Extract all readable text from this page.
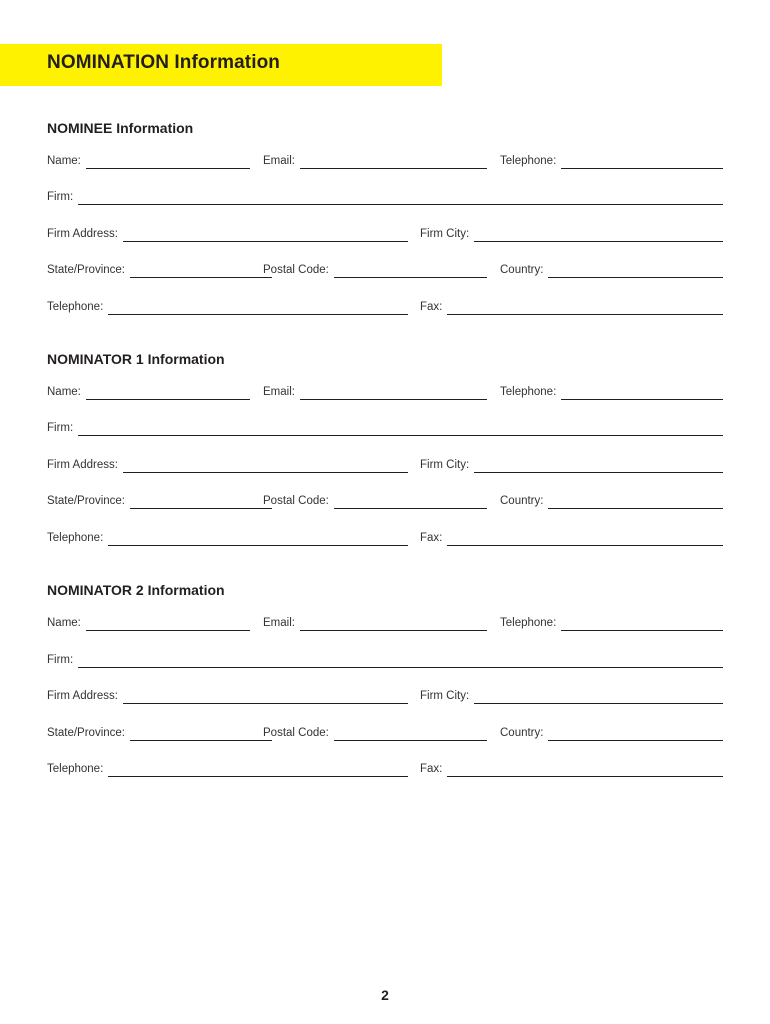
NOMINATION Information
NOMINEE Information
Name:	Email:	Telephone:
Firm:
Firm Address:	Firm City:
State/Province:	Postal Code:	Country:
Telephone:	Fax:
NOMINATOR 1 Information
Name:	Email:	Telephone:
Firm:
Firm Address:	Firm City:
State/Province:	Postal Code:	Country:
Telephone:	Fax:
NOMINATOR 2 Information
Name:	Email:	Telephone:
Firm:
Firm Address:	Firm City:
State/Province:	Postal Code:	Country:
Telephone:	Fax:
2
